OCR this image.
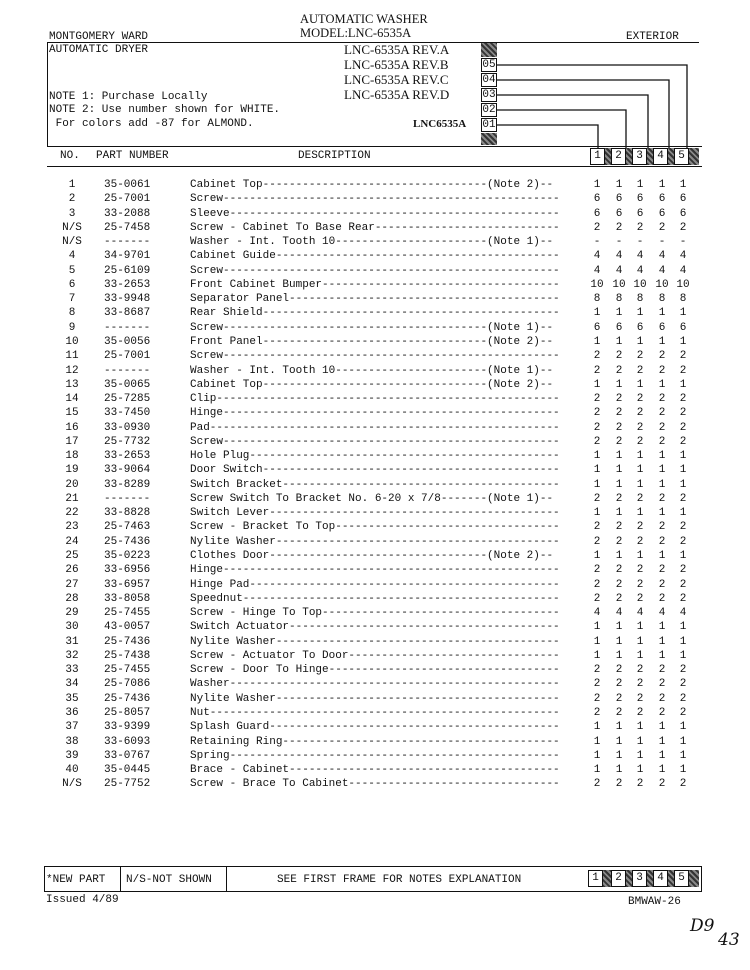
AUTOMATIC WASHER
MODEL:LNC-6535A
MONTGOMERY WARD	EXTERIOR
AUTOMATIC DRYER	LNC-6535A REV.A
LNC-6535A REV.B
LNC-6535A REV.C
LNC-6535A REV.D
LNC6535A
NOTE 1: Purchase Locally
NOTE 2: Use number shown for WHITE.
For colors add -87 for ALMOND.
05
04
03
02
01
NO. PART NUMBER	DESCRIPTION	1	2	3	4	5
1	35-0061	Cabinet Top----------------------------------(Note 2)--	1	1	1	1	1
2	25-7001	Screw---------------------------------------------------	6	6	6	6	6
3	33-2088	Sleeve--------------------------------------------------	6	6	6	6	6
N/S	25-7458	Screw - Cabinet To Base Rear----------------------------	2	2	2	2	2
N/S	-------	Washer - Int. Tooth 10-----------------------(Note 1)--	-	-	-	-	-
4	34-9701	Cabinet Guide-------------------------------------------	4	4	4	4	4
5	25-6109	Screw---------------------------------------------------	4	4	4	4	4
6	33-2653	Front Cabinet Bumper------------------------------------	10 10 10 10 10
7	33-9948	Separator Panel-----------------------------------------	8	8	8	8	8
8	33-8687	Rear Shield---------------------------------------------	1	1	1	1	1
9	-------	Screw----------------------------------------(Note 1)--	6	6	6	6	6
10	35-0056	Front Panel----------------------------------(Note 2)--	1	1	1	1	1
11	25-7001	Screw---------------------------------------------------	2	2	2	2	2
12	-------	Washer - Int. Tooth 10-----------------------(Note 1)--	2	2	2	2	2
13	35-0065	Cabinet Top----------------------------------(Note 2)--	1	1	1	1	1
14	25-7285	Clip----------------------------------------------------	2	2	2	2	2
15	33-7450	Hinge---------------------------------------------------	2	2	2	2	2
16	33-0930	Pad-----------------------------------------------------	2	2	2	2	2
17	25-7732	Screw---------------------------------------------------	2	2	2	2	2
18	33-2653	Hole Plug-----------------------------------------------	1	1	1	1	1
19	33-9064	Door Switch---------------------------------------------	1	1	1	1	1
20	33-8289	Switch Bracket------------------------------------------	1	1	1	1	1
21	-------	Screw Switch To Bracket No. 6-20 x 7/8-------(Note 1)--	2	2	2	2	2
22	33-8828	Switch Lever--------------------------------------------	1	1	1	1	1
23	25-7463	Screw - Bracket To Top----------------------------------	2	2	2	2	2
24	25-7436	Nylite Washer-------------------------------------------	2	2	2	2	2
25	35-0223	Clothes Door---------------------------------(Note 2)--	1	1	1	1	1
26	33-6956	Hinge---------------------------------------------------	2	2	2	2	2
27	33-6957	Hinge Pad-----------------------------------------------	2	2	2	2	2
28	33-8058	Speednut------------------------------------------------	2	2	2	2	2
29	25-7455	Screw - Hinge To Top------------------------------------	4	4	4	4	4
30	43-0057	Switch Actuator-----------------------------------------	1	1	1	1	1
31	25-7436	Nylite Washer-------------------------------------------	1	1	1	1	1
32	25-7438	Screw - Actuator To Door--------------------------------	1	1	1	1	1
33	25-7455	Screw - Door To Hinge-----------------------------------	2	2	2	2	2
34	25-7086	Washer--------------------------------------------------	2	2	2	2	2
35	25-7436	Nylite Washer-------------------------------------------	2	2	2	2	2
36	25-8057	Nut-----------------------------------------------------	2	2	2	2	2
37	33-9399	Splash Guard--------------------------------------------	1	1	1	1	1
38	33-6093	Retaining Ring------------------------------------------	1	1	1	1	1
39	33-0767	Spring--------------------------------------------------	1	1	1	1	1
40	35-0445	Brace - Cabinet-----------------------------------------	1	1	1	1	1
N/S	25-7752	Screw - Brace To Cabinet--------------------------------	2	2	2	2	2
*NEW PART N/S-NOT SHOWN	SEE FIRST FRAME FOR NOTES EXPLANATION	1	2	3	4	5
Issued 4/89	BMWAW-26
D9
43
